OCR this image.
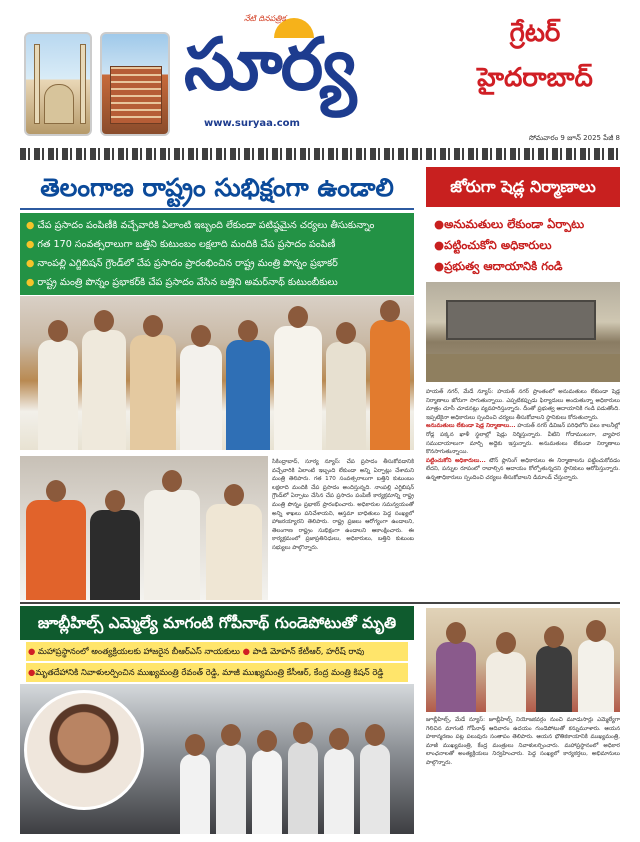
నేటి దినపత్రిక
సూర్య
www.suryaa.com
గ్రేటర్
హైదరాబాద్
సోమవారం 9 జూన్ 2025 పేజీ 8
తెలంగాణ రాష్ట్రం సుభిక్షంగా ఉండాలి
● చేప ప్రసాదం పంపిణీకి వచ్చేవారికి ఏలాంటి ఇబ్బంది లేకుండా పటిష్ఠమైన చర్యలు తీసుకున్నాం
● గత 170 సంవత్సరాలుగా బత్తిని కుటుంబం లక్షలాది మందికి చేప ప్రసాదం పంపిణీ
● నాంపల్లి ఎగ్జిబిషన్ గ్రౌండ్‌లో చేప ప్రసాదం ప్రారంభించిన రాష్ట్ర మంత్రి పొన్నం ప్రభాకర్
● రాష్ట్ర మంత్రి పొన్నం ప్రభాకర్‌కి చేప ప్రసాదం వేసిన బత్తిని అమర్‌నాథ్ కుటుంబీకులు
సికింద్రాబాద్, సూర్య న్యూస్: చేప ప్రసాదం తీసుకోవడానికి వచ్చేవారికి ఏలాంటి ఇబ్బంది లేకుండా అన్ని ఏర్పాట్లు చేశామని మంత్రి తెలిపారు. గత 170 సంవత్సరాలుగా బత్తిని కుటుంబం లక్షలాది మందికి చేప ప్రసాదం అందిస్తున్నది. నాంపల్లి ఎగ్జిబిషన్ గ్రౌండ్‌లో ఏర్పాటు చేసిన చేప ప్రసాదం పంపిణీ కార్యక్రమాన్ని రాష్ట్ర మంత్రి పొన్నం ప్రభాకర్ ప్రారంభించారు. అధికారుల సమన్వయంతో అన్ని శాఖలు పనిచేశాయని, ఆస్తమా బాధితులు పెద్ద సంఖ్యలో హాజరయ్యారని తెలిపారు. రాష్ట్ర ప్రజలు ఆరోగ్యంగా ఉండాలని, తెలంగాణ రాష్ట్రం సుభిక్షంగా ఉండాలని ఆకాంక్షించారు. ఈ కార్యక్రమంలో ప్రజాప్రతినిధులు, అధికారులు, బత్తిని కుటుంబ సభ్యులు పాల్గొన్నారు.
జోరుగా షెడ్ల నిర్మాణాలు
● అనుమతులు లేకుండా ఏర్పాటు
● పట్టించుకోని అధికారులు
● ప్రభుత్వ ఆదాయానికి గండి
హయత్ నగర్, మేడే న్యూస్: హయత్ నగర్ ప్రాంతంలో అనుమతులు లేకుండా షెడ్ల నిర్మాణాలు జోరుగా సాగుతున్నాయి. ఎప్పటికప్పుడు ఫిర్యాదులు అందుతున్నా అధికారులు మాత్రం చూసీ చూడనట్లు వ్యవహరిస్తున్నారు. దీంతో ప్రభుత్వ ఆదాయానికి గండి పడుతోంది. ఇప్పటికైనా అధికారులు స్పందించి చర్యలు తీసుకోవాలని స్థానికులు కోరుతున్నారు.
అనుమతులు లేకుండా షెడ్ల నిర్మాణాలు... హయత్ నగర్ డివిజన్ పరిధిలోని పలు కాలనీల్లో రోడ్ల పక్కన ఖాళీ స్థలాల్లో షెడ్లు నిర్మిస్తున్నారు. వీటిని గోదాములుగా, వ్యాపార సముదాయాలుగా మార్చి అద్దెకు ఇస్తున్నారు. అనుమతులు లేకుండా నిర్మాణాలు కొనసాగుతున్నాయి.
పట్టించుకోని అధికారులు... టౌన్ ప్లానింగ్ అధికారులు ఈ నిర్మాణాలను పట్టించుకోవడం లేదని, పన్నుల రూపంలో రావాల్సిన ఆదాయం కోల్పోతున్నదని స్థానికులు ఆరోపిస్తున్నారు. ఉన్నతాధికారులు స్పందించి చర్యలు తీసుకోవాలని డిమాండ్ చేస్తున్నారు.
జూబ్లీహిల్స్ ఎమ్మెల్యే మాగంటి గోపీనాథ్ గుండెపోటుతో మృతి
● మహాప్రస్థానంలో అంత్యక్రియలకు హాజరైన బీఆర్ఎస్ నాయకులు ● పాడి మోహన్ కేటీఆర్, హరీష్ రావు
● మృతదేహానికి నివాళులర్పించిన ముఖ్యమంత్రి రేవంత్ రెడ్డి, మాజీ ముఖ్యమంత్రి కేసీఆర్, కేంద్ర మంత్రి కిషన్ రెడ్డి
జూబ్లీహిల్స్, మేడే న్యూస్: జూబ్లీహిల్స్ నియోజకవర్గం నుంచి మూడుసార్లు ఎమ్మెల్యేగా గెలిచిన మాగంటి గోపీనాథ్ ఆదివారం ఉదయం గుండెపోటుతో కన్నుమూశారు. ఆయన హఠాన్మరణం పట్ల పలువురు సంతాపం తెలిపారు. ఆయన భౌతికకాయానికి ముఖ్యమంత్రి, మాజీ ముఖ్యమంత్రి, కేంద్ర మంత్రులు నివాళులర్పించారు. మహాప్రస్థానంలో అధికార లాంఛనాలతో అంత్యక్రియలు నిర్వహించారు. పెద్ద సంఖ్యలో కార్యకర్తలు, అభిమానులు పాల్గొన్నారు.
